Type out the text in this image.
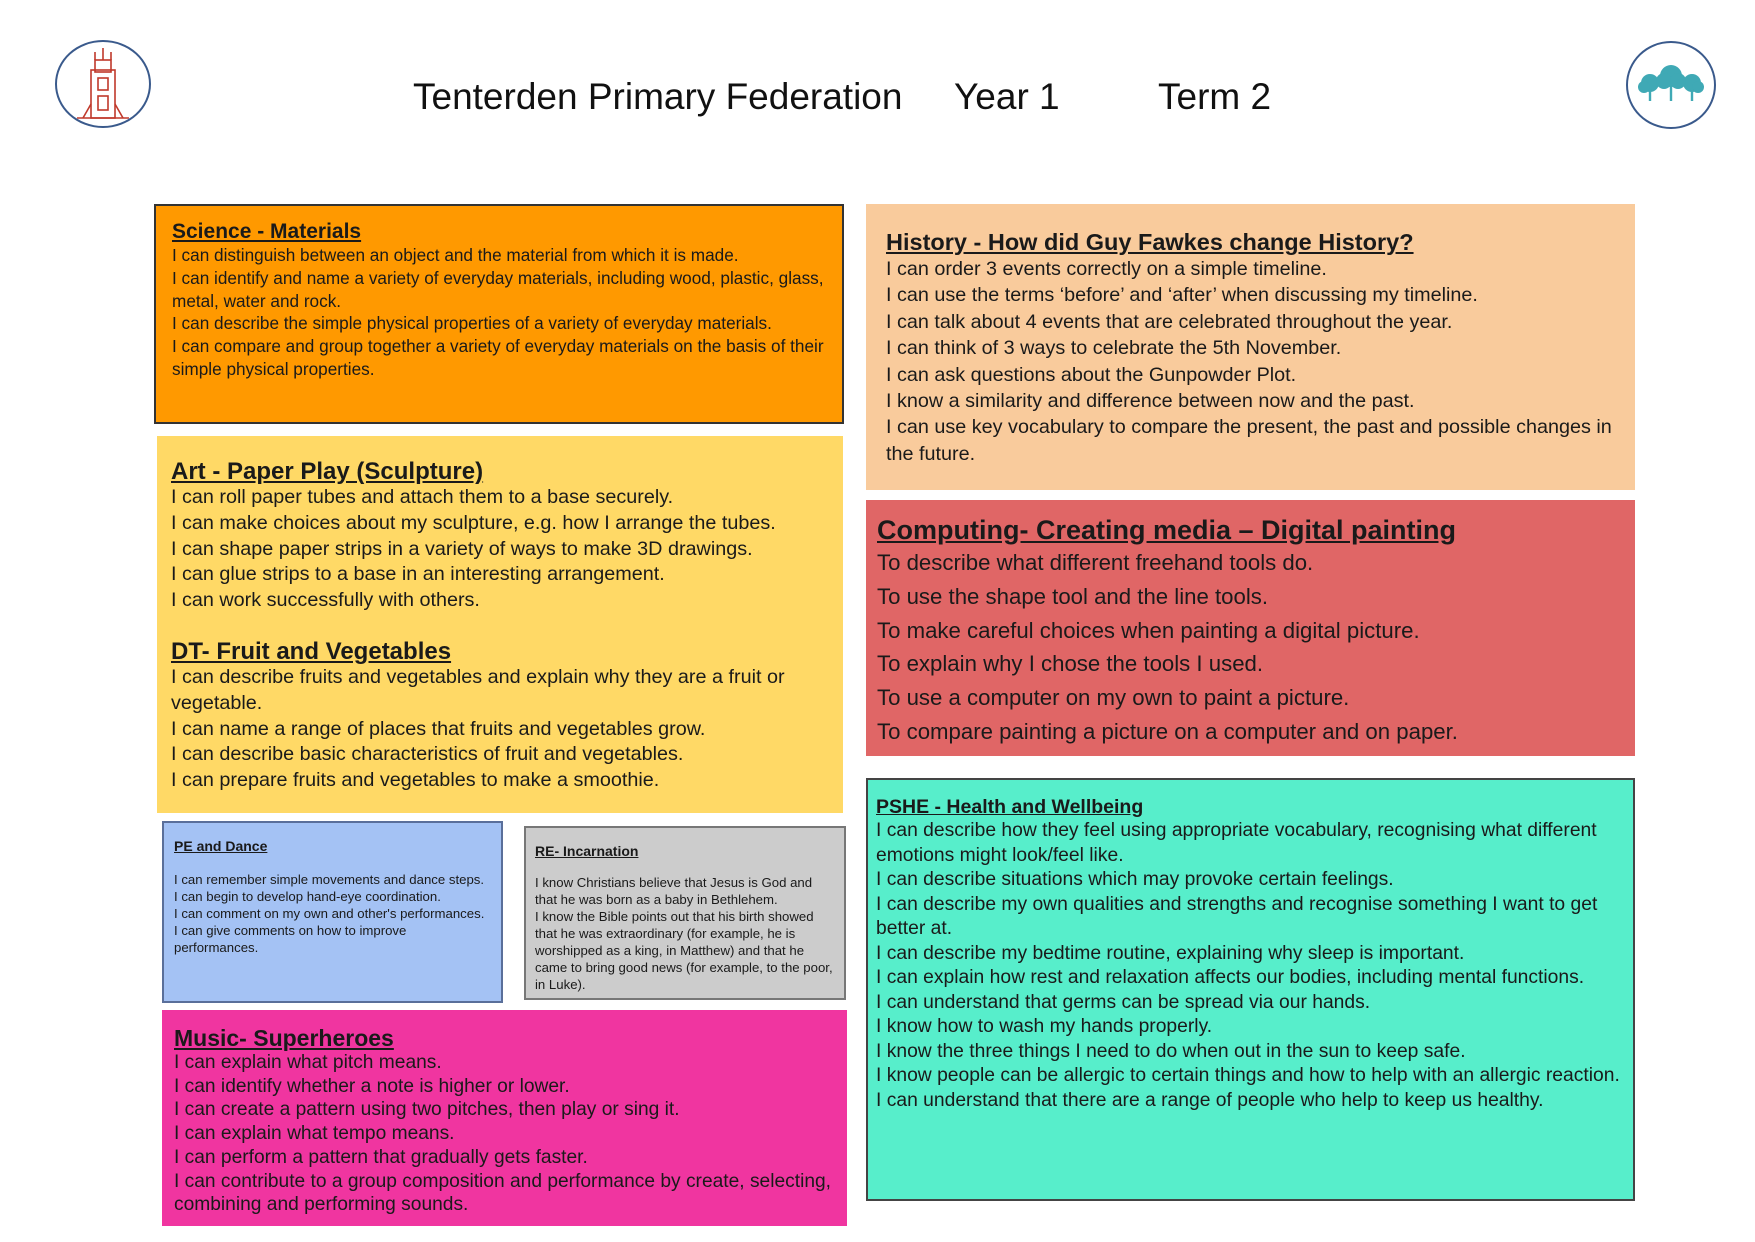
Tenterden Primary Federation Year 1	Term 2
Science - Materials
I can distinguish between an object and the material from which it is made.
I can identify and name a variety of everyday materials, including wood, plastic, glass, metal, water and rock.
I can describe the simple physical properties of a variety of everyday materials.
I can compare and group together a variety of everyday materials on the basis of their simple physical properties.
Art - Paper Play (Sculpture)
I can roll paper tubes and attach them to a base securely.
I can make choices about my sculpture, e.g. how I arrange the tubes.
I can shape paper strips in a variety of ways to make 3D drawings.
I can glue strips to a base in an interesting arrangement.
I can work successfully with others.
DT- Fruit and Vegetables
I can describe fruits and vegetables and explain why they are a fruit or vegetable.
I can name a range of places that fruits and vegetables grow.
I can describe basic characteristics of fruit and vegetables.
I can prepare fruits and vegetables to make a smoothie.
PE and Dance
I can remember simple movements and dance steps.
I can begin to develop hand-eye coordination.
I can comment on my own and other's performances.
I can give comments on how to improve performances.
RE- Incarnation
I know Christians believe that Jesus is God and that he was born as a baby in Bethlehem.
I know the Bible points out that his birth showed that he was extraordinary (for example, he is worshipped as a king, in Matthew) and that he came to bring good news (for example, to the poor, in Luke).
Music- Superheroes
I can explain what pitch means.
I can identify whether a note is higher or lower.
I can create a pattern using two pitches, then play or sing it.
I can explain what tempo means.
I can perform a pattern that gradually gets faster.
I can contribute to a group composition and performance by create, selecting, combining and performing sounds.
History - How did Guy Fawkes change History?
I can order 3 events correctly on a simple timeline.
I can use the terms ‘before’ and ‘after’ when discussing my timeline.
I can talk about 4 events that are celebrated throughout the year.
I can think of 3 ways to celebrate the 5th November.
I can ask questions about the Gunpowder Plot.
I know a similarity and difference between now and the past.
I can use key vocabulary to compare the present, the past and possible changes in the future.
Computing- Creating media – Digital painting
To describe what different freehand tools do.
To use the shape tool and the line tools.
To make careful choices when painting a digital picture.
To explain why I chose the tools I used.
To use a computer on my own to paint a picture.
To compare painting a picture on a computer and on paper.
PSHE - Health and Wellbeing
I can describe how they feel using appropriate vocabulary, recognising what different emotions might look/feel like.
I can describe situations which may provoke certain feelings.
I can describe my own qualities and strengths and recognise something I want to get better at.
I can describe my bedtime routine, explaining why sleep is important.
I can explain how rest and relaxation affects our bodies, including mental functions.
I can understand that germs can be spread via our hands.
I know how to wash my hands properly.
I know the three things I need to do when out in the sun to keep safe.
I know people can be allergic to certain things and how to help with an allergic reaction.
I can understand that there are a range of people who help to keep us healthy.
